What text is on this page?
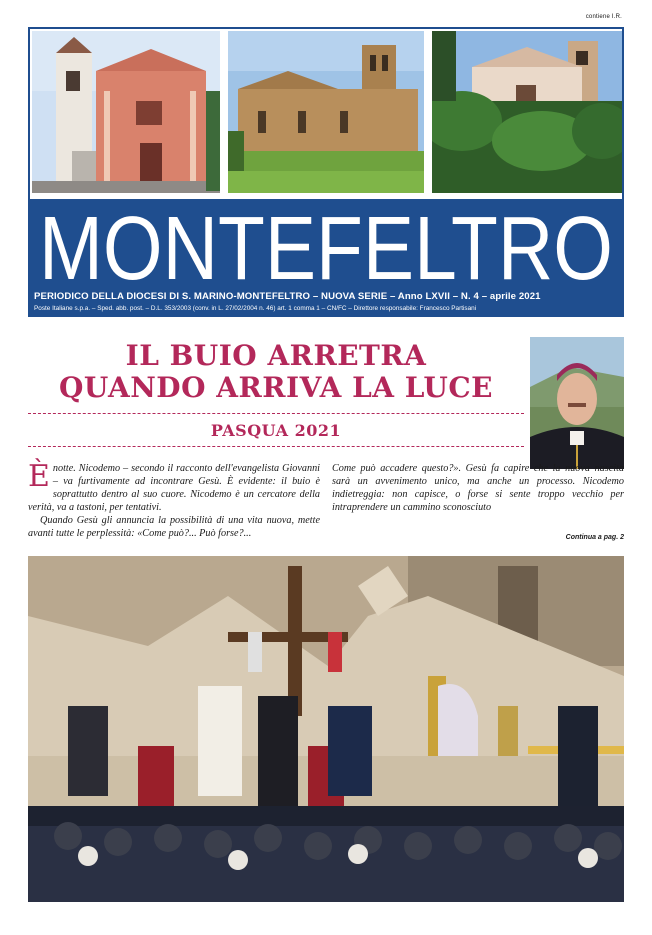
contiene I.R.
MONTEFELTRO
PERIODICO DELLA DIOCESI DI S. MARINO-MONTEFELTRO – NUOVA SERIE – Anno LXVII – N. 4 – aprile 2021
Poste Italiane s.p.a. – Sped. abb. post. – D.L. 353/2003 (conv. in L. 27/02/2004 n. 46) art. 1 comma 1 – CN/FC – Direttore responsabile: Francesco Partisani
IL BUIO ARRETRA
QUANDO ARRIVA LA LUCE
PASQUA 2021
È notte. Nicodemo – secondo il racconto dell'evangelista Giovanni – va furtivamente ad incontrare Gesù. È evidente: il buio è soprattutto dentro al suo cuore. Nicodemo è un cercatore della verità, va a tastoni, per tentativi.
Quando Gesù gli annuncia la possibilità di una vita nuova, mette avanti tutte le perplessità: «Come può?... Può forse?...
Come può accadere questo?». Gesù fa capire che la nuova nascita sarà un avvenimento unico, ma anche un processo. Nicodemo indietreggia: non capisce, o forse si sente troppo vecchio per intraprendere un cammino sconosciuto
Continua a pag. 2
